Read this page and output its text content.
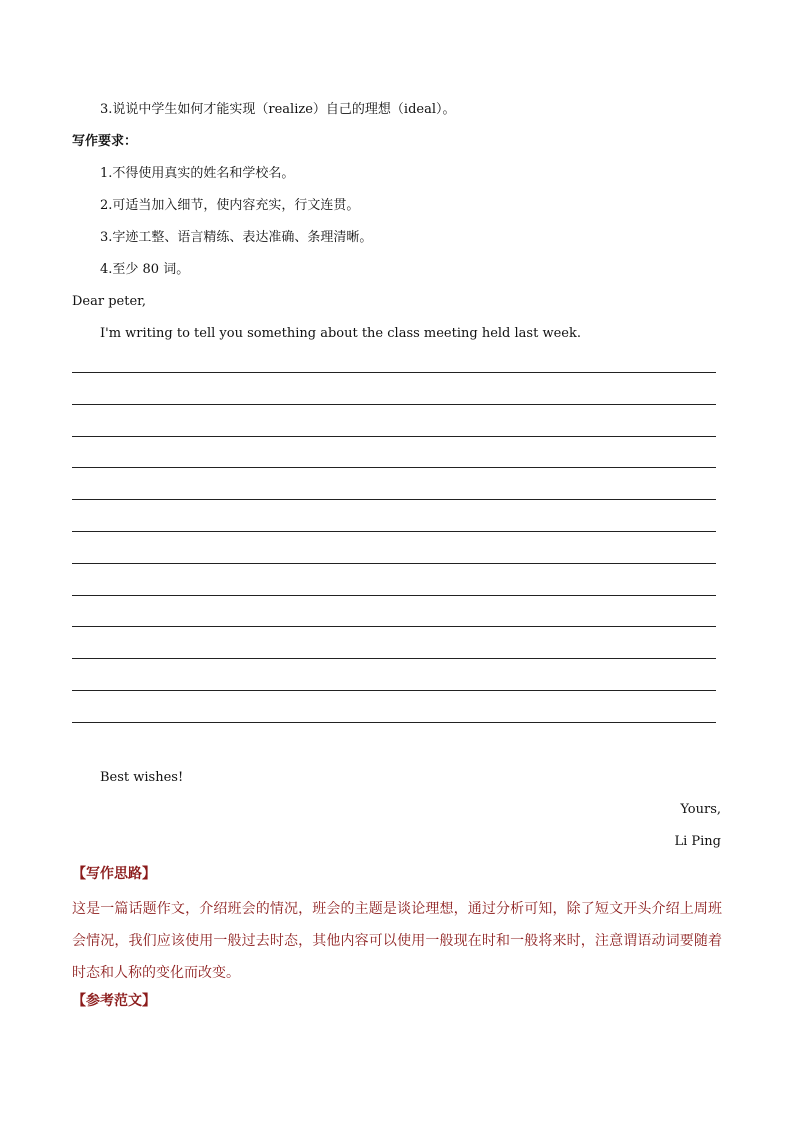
3.说说中学生如何才能实现（realize）自己的理想（ideal）。
写作要求：
1.不得使用真实的姓名和学校名。
2.可适当加入细节，使内容充实，行文连贯。
3.字迹工整、语言精练、表达准确、条理清晰。
4.至少 80 词。
Dear peter,
I'm writing to tell you something about the class meeting held last week.
Best wishes!
Yours,
Li Ping
【写作思路】
这是一篇话题作文，介绍班会的情况，班会的主题是谈论理想，通过分析可知，除了短文开头介绍上周班会情况，我们应该使用一般过去时态，其他内容可以使用一般现在时和一般将来时，注意谓语动词要随着时态和人称的变化而改变。
【参考范文】
